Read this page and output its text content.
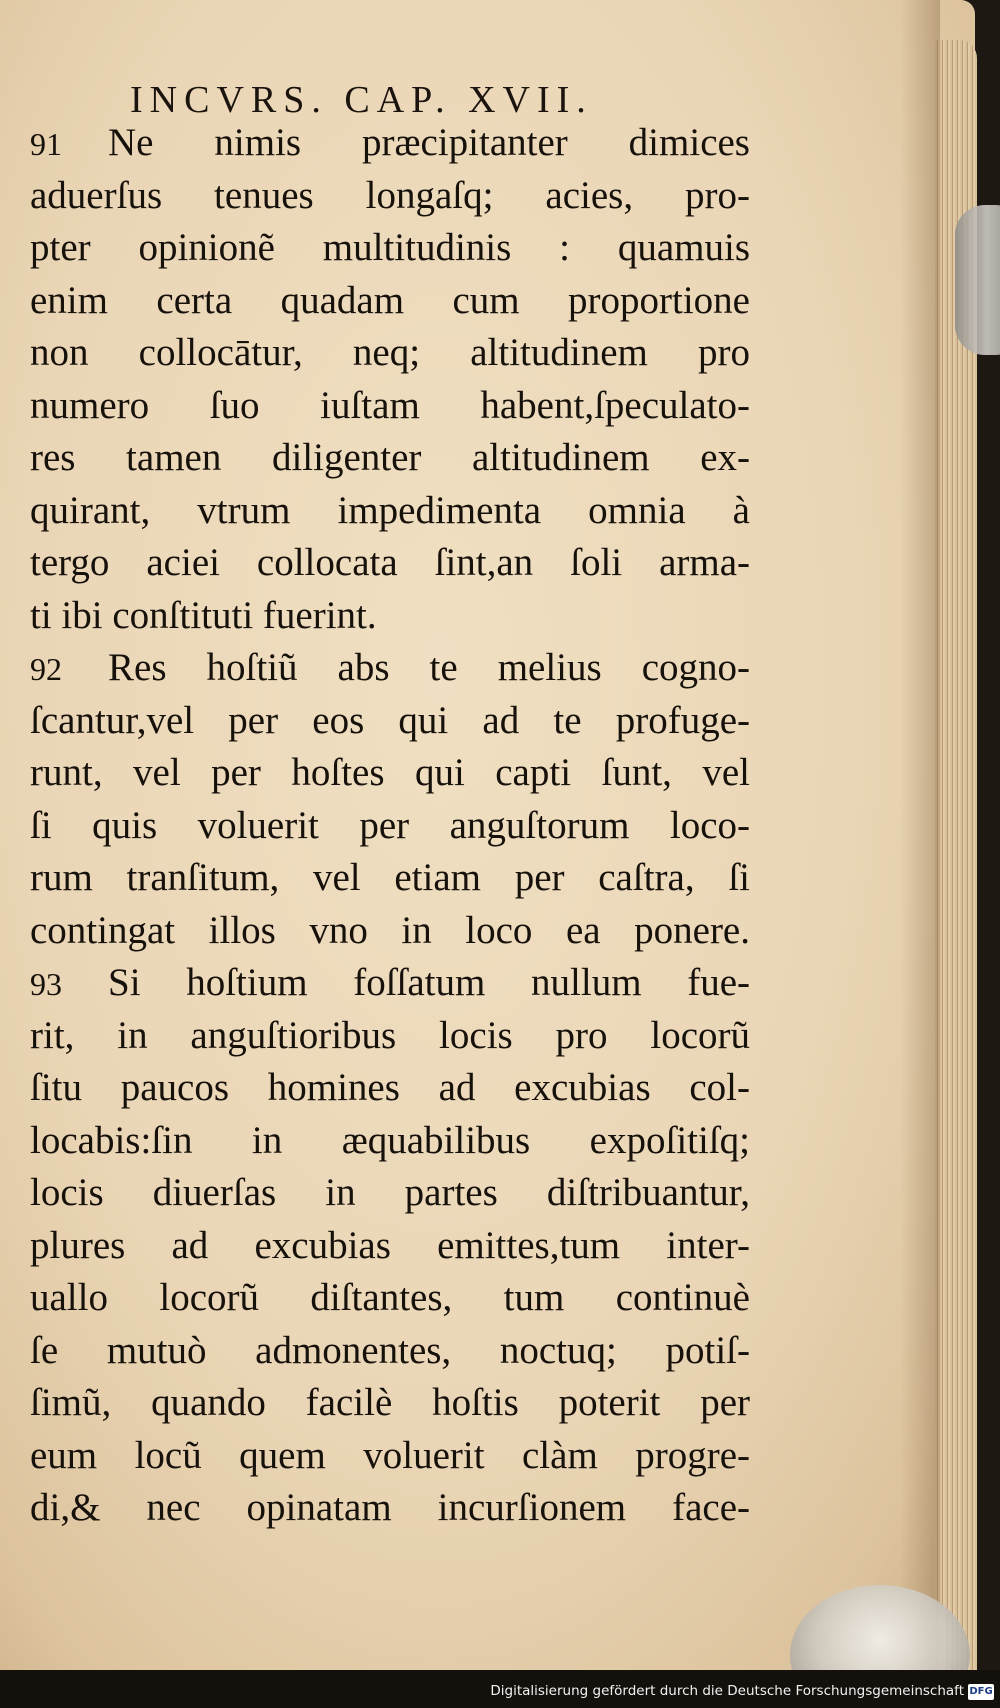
INCVRS. CAP. XVII.
91 Ne nimis præcipitanter dimices
aduerſus tenues longaſq; acies, pro-
pter opinionẽ multitudinis : quamuis
enim certa quadam cum proportione
non collocātur, neq; altitudinem pro
numero ſuo iuſtam habent,ſpeculato-
res tamen diligenter altitudinem ex-
quirant, vtrum impedimenta omnia à
tergo aciei collocata ſint,an ſoli arma-
ti ibi conſtituti fuerint.
92 Res hoſtiũ abs te melius cogno-
ſcantur,vel per eos qui ad te profuge-
runt, vel per hoſtes qui capti ſunt, vel
ſi quis voluerit per anguſtorum loco-
rum tranſitum, vel etiam per caſtra, ſi
contingat illos vno in loco ea ponere.
93 Si hoſtium foſſatum nullum fue-
rit, in anguſtioribus locis pro locorũ
ſitu paucos homines ad excubias col-
locabis:ſin in æquabilibus expoſitiſq;
locis diuerſas in partes diſtribuantur,
plures ad excubias emittes,tum inter-
uallo locorũ diſtantes, tum continuè
ſe mutuò admonentes, noctuq; potiſ-
ſimũ, quando facilè hoſtis poterit per
eum locũ quem voluerit clàm progre-
di,& nec opinatam incurſionem face-
Digitalisierung gefördert durch die Deutsche Forschungsgemeinschaft DFG
